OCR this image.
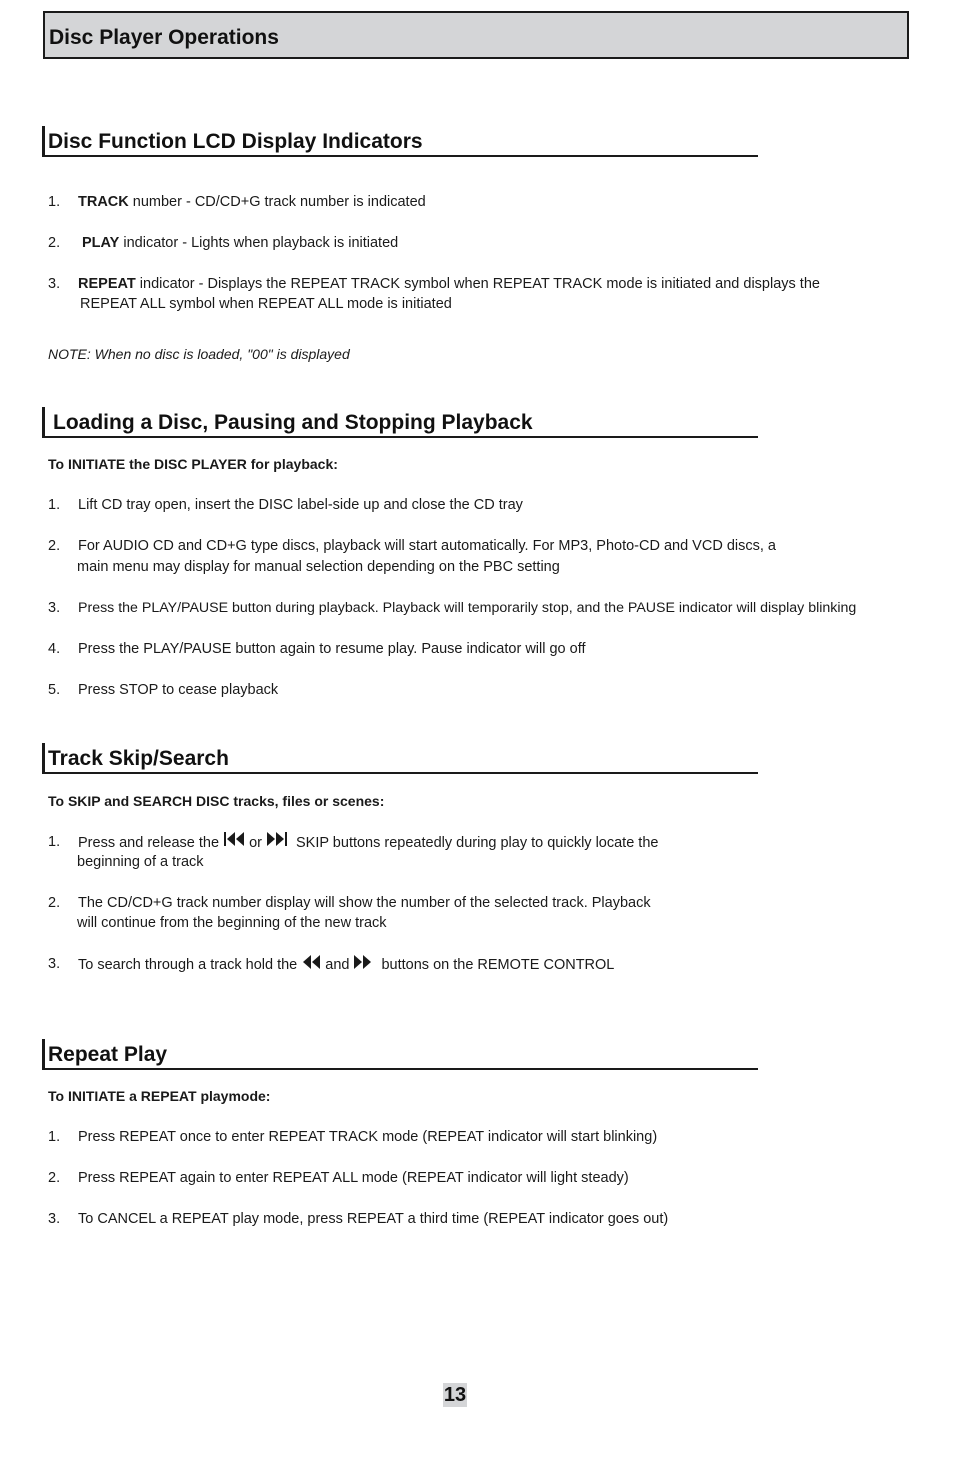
Disc Player Operations
Disc Function LCD Display Indicators
1. TRACK number - CD/CD+G track number is indicated

2. PLAY indicator - Lights when playback is initiated

3. REPEAT indicator - Displays the REPEAT TRACK symbol when REPEAT TRACK mode is initiated and displays the

REPEAT ALL symbol when REPEAT ALL mode is initiated

NOTE: When no disc is loaded, "00" is displayed

Loading a Disc, Pausing and Stopping Playback

To INITIATE the DISC PLAYER for playback:

1. Lift CD tray open, insert the DISC label-side up and close the CD tray

2. For AUDIO CD and CD+G type discs, playback will start automatically. For MP3, Photo-CD and VCD discs, a

main menu may display for manual selection depending on the PBC setting

3. Press the PLAY/PAUSE button during playback. Playback will temporarily stop, and the PAUSE indicator will display blinking

4. Press the PLAY/PAUSE button again to resume play. Pause indicator will go off

5. Press STOP to cease playback

Track Skip/Search

To SKIP and SEARCH DISC tracks, files or scenes:

1. Press and release the or SKIP buttons repeatedly during play to quickly locate the

beginning of a track

2. The CD/CD+G track number display will show the number of the selected track. Playback

will continue from the beginning of the new track

3. To search through a track hold the and buttons on the REMOTE CONTROL

Repeat Play

To INITIATE a REPEAT playmode:

1. Press REPEAT once to enter REPEAT TRACK mode (REPEAT indicator will start blinking)

2. Press REPEAT again to enter REPEAT ALL mode (REPEAT indicator will light steady)

3. To CANCEL a REPEAT play mode, press REPEAT a third time (REPEAT indicator goes out)

13
